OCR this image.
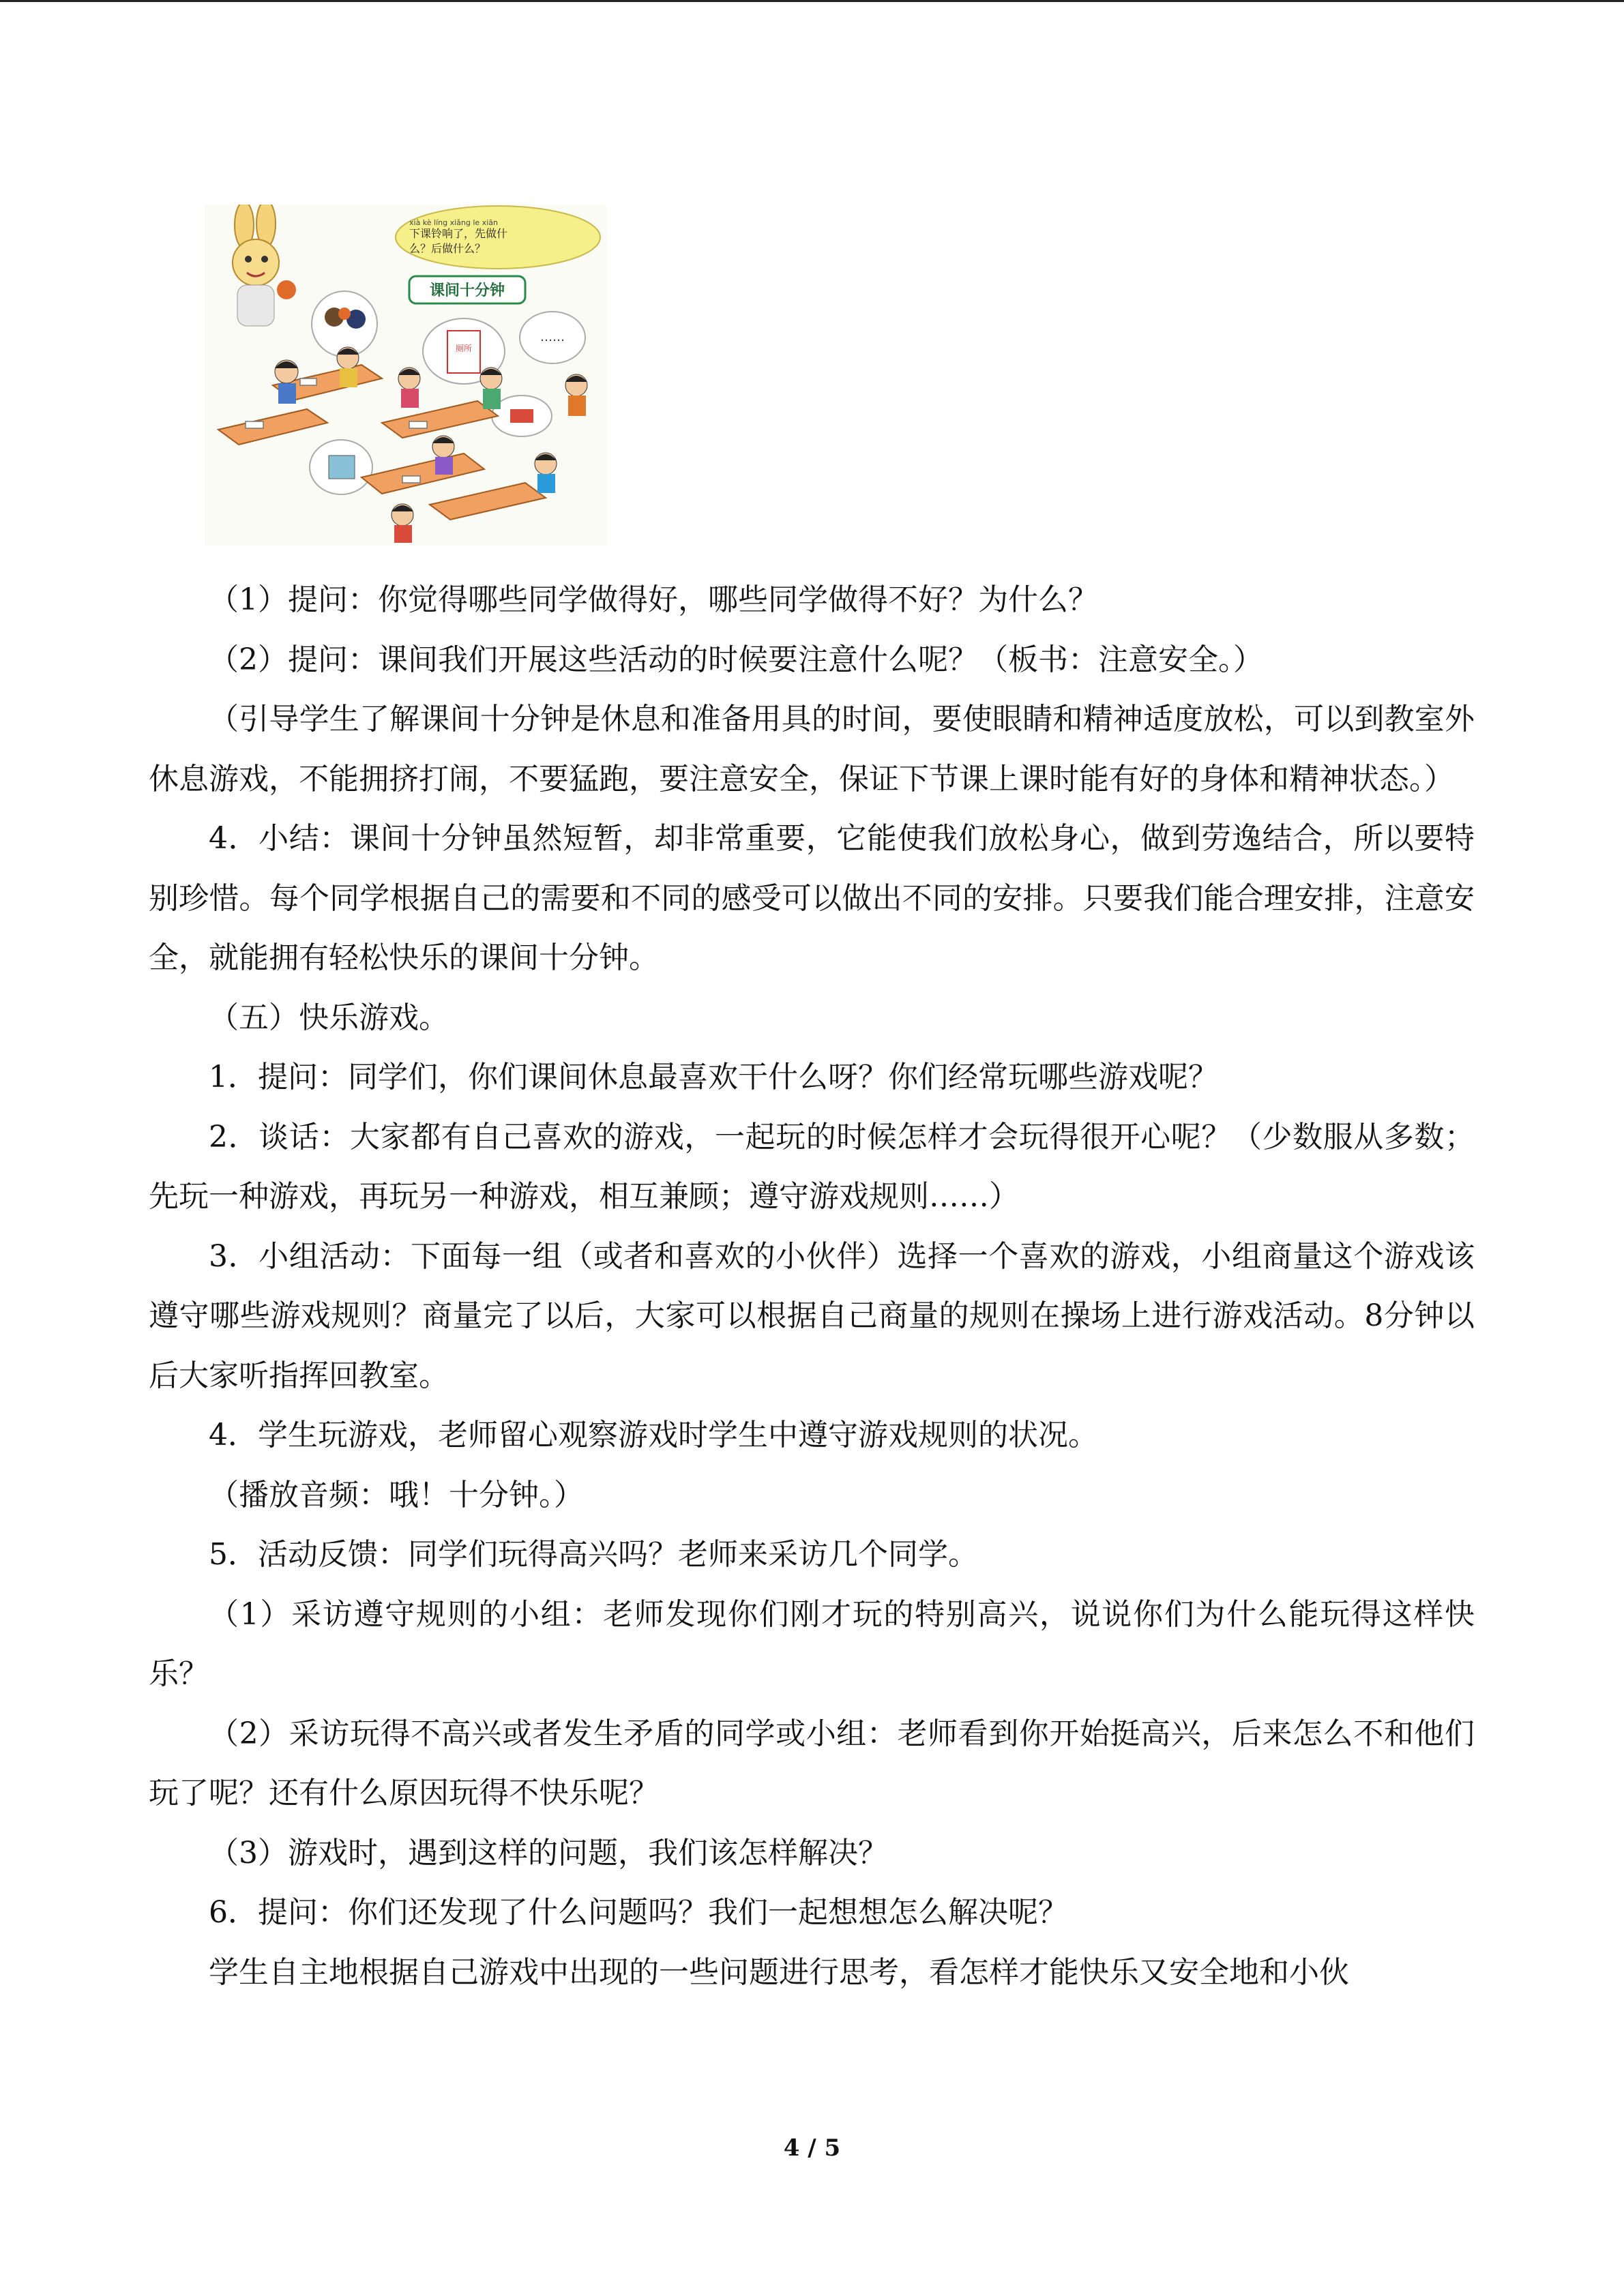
xià kè líng xiǎng le xiān
下课铃响了，先做什么？后做什么？
课间十分钟
厕所
……

（1）提问：你觉得哪些同学做得好，哪些同学做得不好？为什么？

（2）提问：课间我们开展这些活动的时候要注意什么呢？（板书：注意安全。）

（引导学生了解课间十分钟是休息和准备用具的时间，要使眼睛和精神适度放松，可以到教室外休息游戏，不能拥挤打闹，不要猛跑，要注意安全，保证下节课上课时能有好的身体和精神状态。）

4．小结：课间十分钟虽然短暂，却非常重要，它能使我们放松身心，做到劳逸结合，所以要特别珍惜。每个同学根据自己的需要和不同的感受可以做出不同的安排。只要我们能合理安排，注意安全，就能拥有轻松快乐的课间十分钟。

（五）快乐游戏。

1．提问：同学们，你们课间休息最喜欢干什么呀？你们经常玩哪些游戏呢？

2．谈话：大家都有自己喜欢的游戏，一起玩的时候怎样才会玩得很开心呢？（少数服从多数；先玩一种游戏，再玩另一种游戏，相互兼顾；遵守游戏规则……）

3．小组活动：下面每一组（或者和喜欢的小伙伴）选择一个喜欢的游戏，小组商量这个游戏该遵守哪些游戏规则？商量完了以后，大家可以根据自己商量的规则在操场上进行游戏活动。8分钟以后大家听指挥回教室。

4．学生玩游戏，老师留心观察游戏时学生中遵守游戏规则的状况。

（播放音频：哦！十分钟。）

5．活动反馈：同学们玩得高兴吗？老师来采访几个同学。

（1）采访遵守规则的小组：老师发现你们刚才玩的特别高兴，说说你们为什么能玩得这样快乐？

（2）采访玩得不高兴或者发生矛盾的同学或小组：老师看到你开始挺高兴，后来怎么不和他们玩了呢？还有什么原因玩得不快乐呢？

（3）游戏时，遇到这样的问题，我们该怎样解决？

6．提问：你们还发现了什么问题吗？我们一起想想怎么解决呢？

学生自主地根据自己游戏中出现的一些问题进行思考，看怎样才能快乐又安全地和小伙

4 / 5
